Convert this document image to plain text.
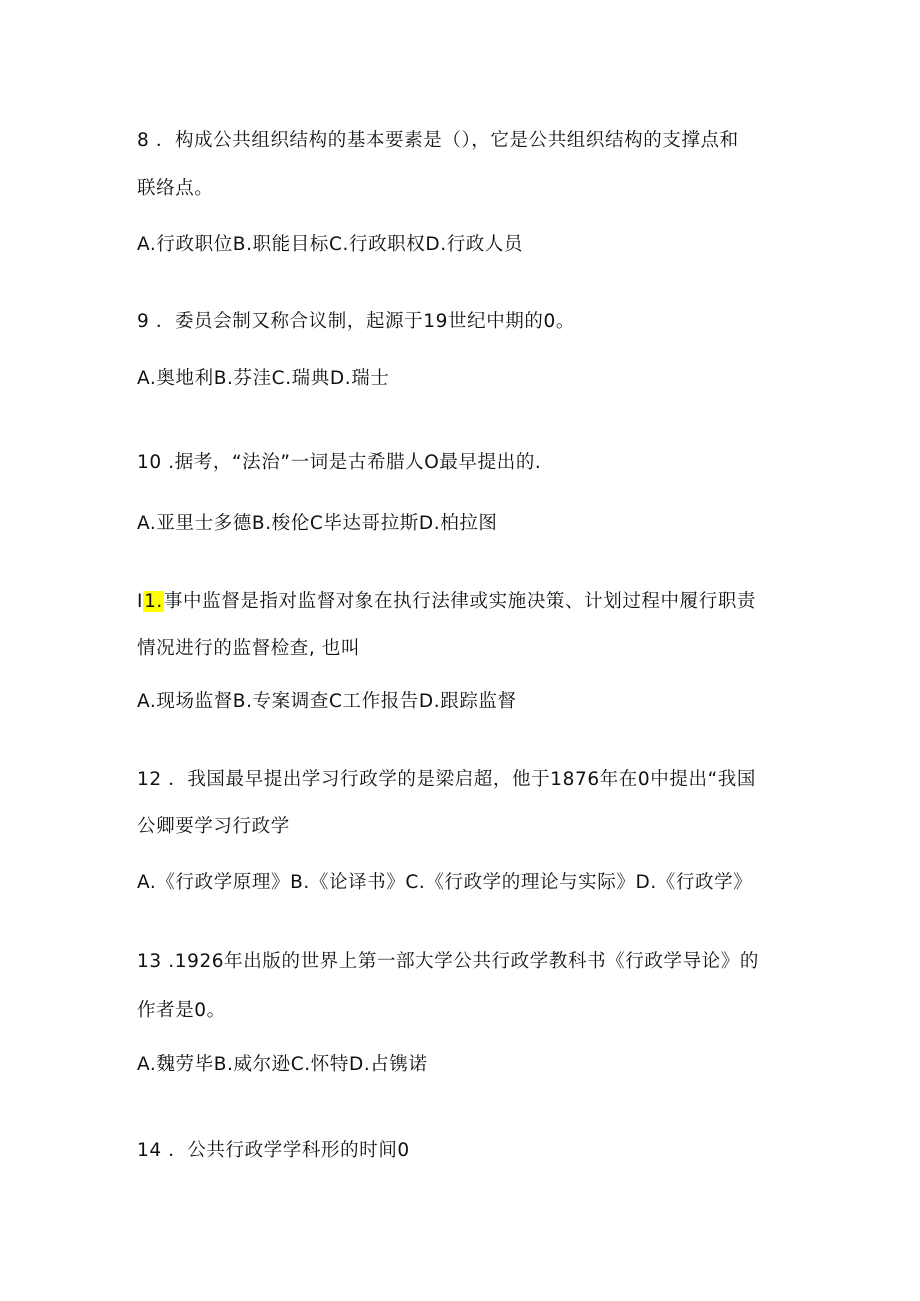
8 ．构成公共组织结构的基本要素是（），它是公共组织结构的支撑点和
联络点。
A.行政职位B.职能目标C.行政职权D.行政人员
9 ．委员会制又称合议制，起源于19世纪中期的0。
A.奥地利B.芬洼C.瑞典D.瑞士
10 .据考，“法治”一词是古希腊人O最早提出的.
A.亚里士多德B.梭伦C毕达哥拉斯D.柏拉图
I1.事中监督是指对监督对象在执行法律或实施决策、计划过程中履行职责
情况进行的监督检查, 也叫
A.现场监督B.专案调查C工作报告D.跟踪监督
12 ．我国最早提出学习行政学的是梁启超，他于1876年在0中提出“我国
公卿要学习行政学
A.《行政学原理》B.《论译书》C.《行政学的理论与实际》D.《行政学》
13 .1926年出版的世界上第一部大学公共行政学教科书《行政学导论》的
作者是0。
A.魏劳毕B.威尔逊C.怀特D.占镌诺
14 ．公共行政学学科形的时间0
